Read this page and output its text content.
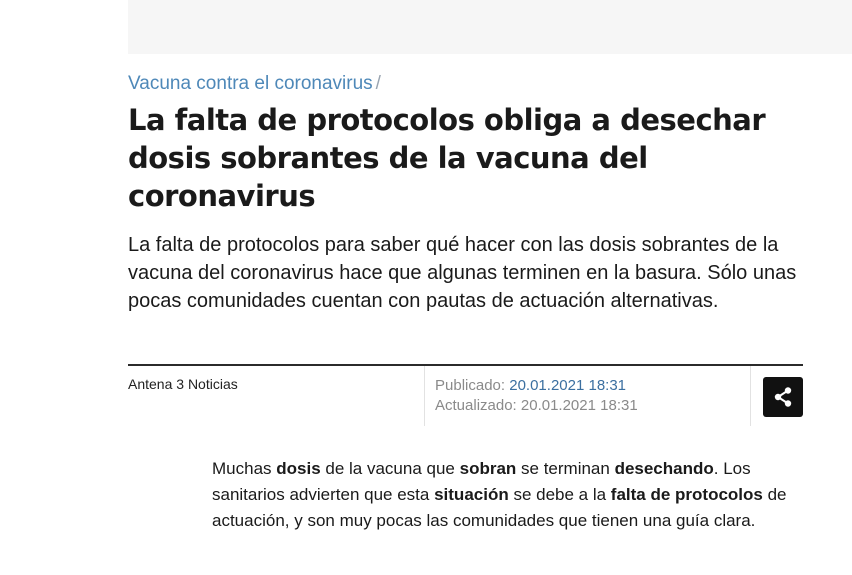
Vacuna contra el coronavirus /
La falta de protocolos obliga a desechar dosis sobrantes de la vacuna del coronavirus

La falta de protocolos para saber qué hacer con las dosis sobrantes de la vacuna del coronavirus hace que algunas terminen en la basura. Sólo unas pocas comunidades cuentan con pautas de actuación alternativas.

Antena 3 Noticias	Publicado: 20.01.2021 18:31
Actualizado: 20.01.2021 18:31

Muchas dosis de la vacuna que sobran se terminan desechando. Los sanitarios advierten que esta situación se debe a la falta de protocolos de actuación, y son muy pocas las comunidades que tienen una guía clara.
